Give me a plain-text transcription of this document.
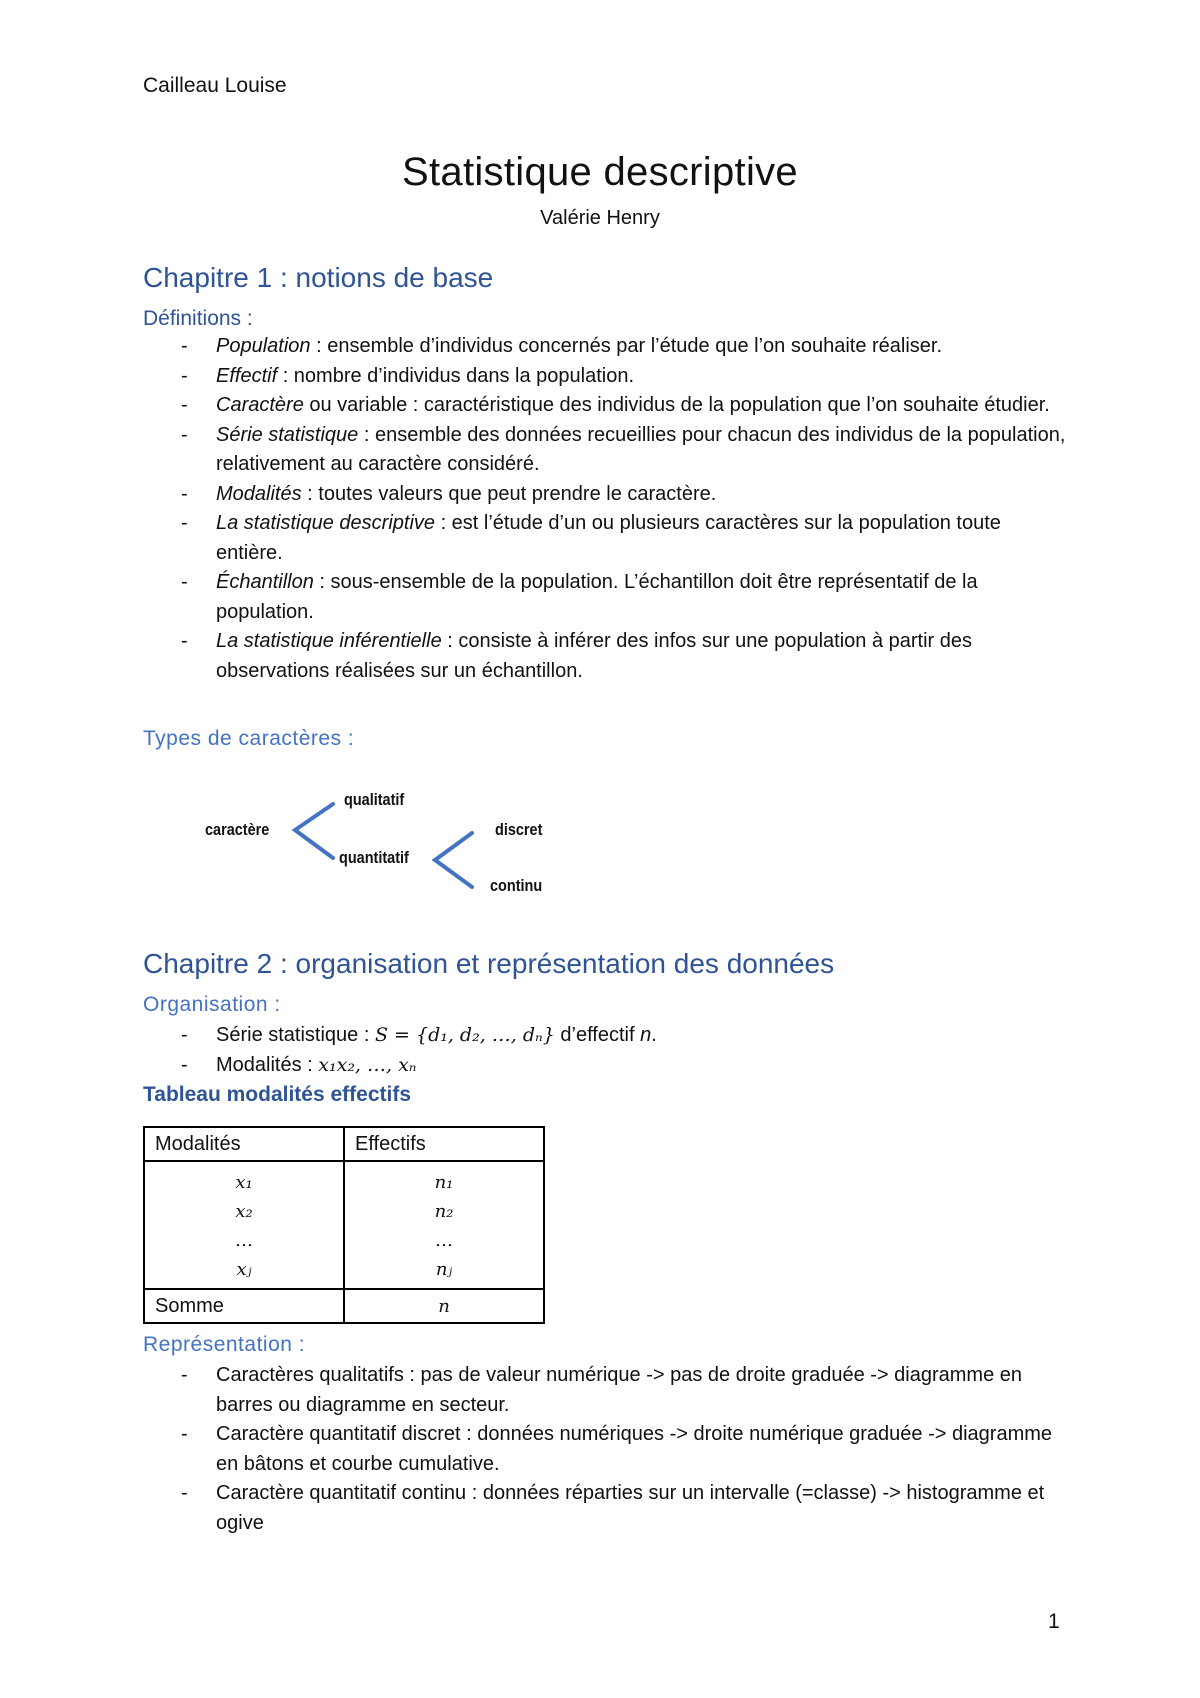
Cailleau Louise
Statistique descriptive
Valérie Henry
Chapitre 1 : notions de base
Définitions :
- Population : ensemble d’individus concernés par l’étude que l’on souhaite réaliser.
- Effectif : nombre d’individus dans la population.
- Caractère ou variable : caractéristique des individus de la population que l’on souhaite étudier.
- Série statistique : ensemble des données recueillies pour chacun des individus de la population, relativement au caractère considéré.
- Modalités : toutes valeurs que peut prendre le caractère.
- La statistique descriptive : est l’étude d’un ou plusieurs caractères sur la population toute entière.
- Échantillon : sous-ensemble de la population. L’échantillon doit être représentatif de la population.
- La statistique inférentielle : consiste à inférer des infos sur une population à partir des observations réalisées sur un échantillon.
Types de caractères :
caractère
qualitatif
quantitatif
discret
continu
Chapitre 2 : organisation et représentation des données
Organisation :
- Série statistique : S = {d₁, d₂, …, dₙ} d’effectif n.
- Modalités : x₁x₂, …, xₙ
Tableau modalités effectifs
Modalités	Effectifs
x₁	n₁
x₂	n₂
…	…
xⱼ	nⱼ
Somme	n
Représentation :
- Caractères qualitatifs : pas de valeur numérique -> pas de droite graduée -> diagramme en barres ou diagramme en secteur.
- Caractère quantitatif discret : données numériques -> droite numérique graduée -> diagramme en bâtons et courbe cumulative.
- Caractère quantitatif continu : données réparties sur un intervalle (=classe) -> histogramme et ogive
1
